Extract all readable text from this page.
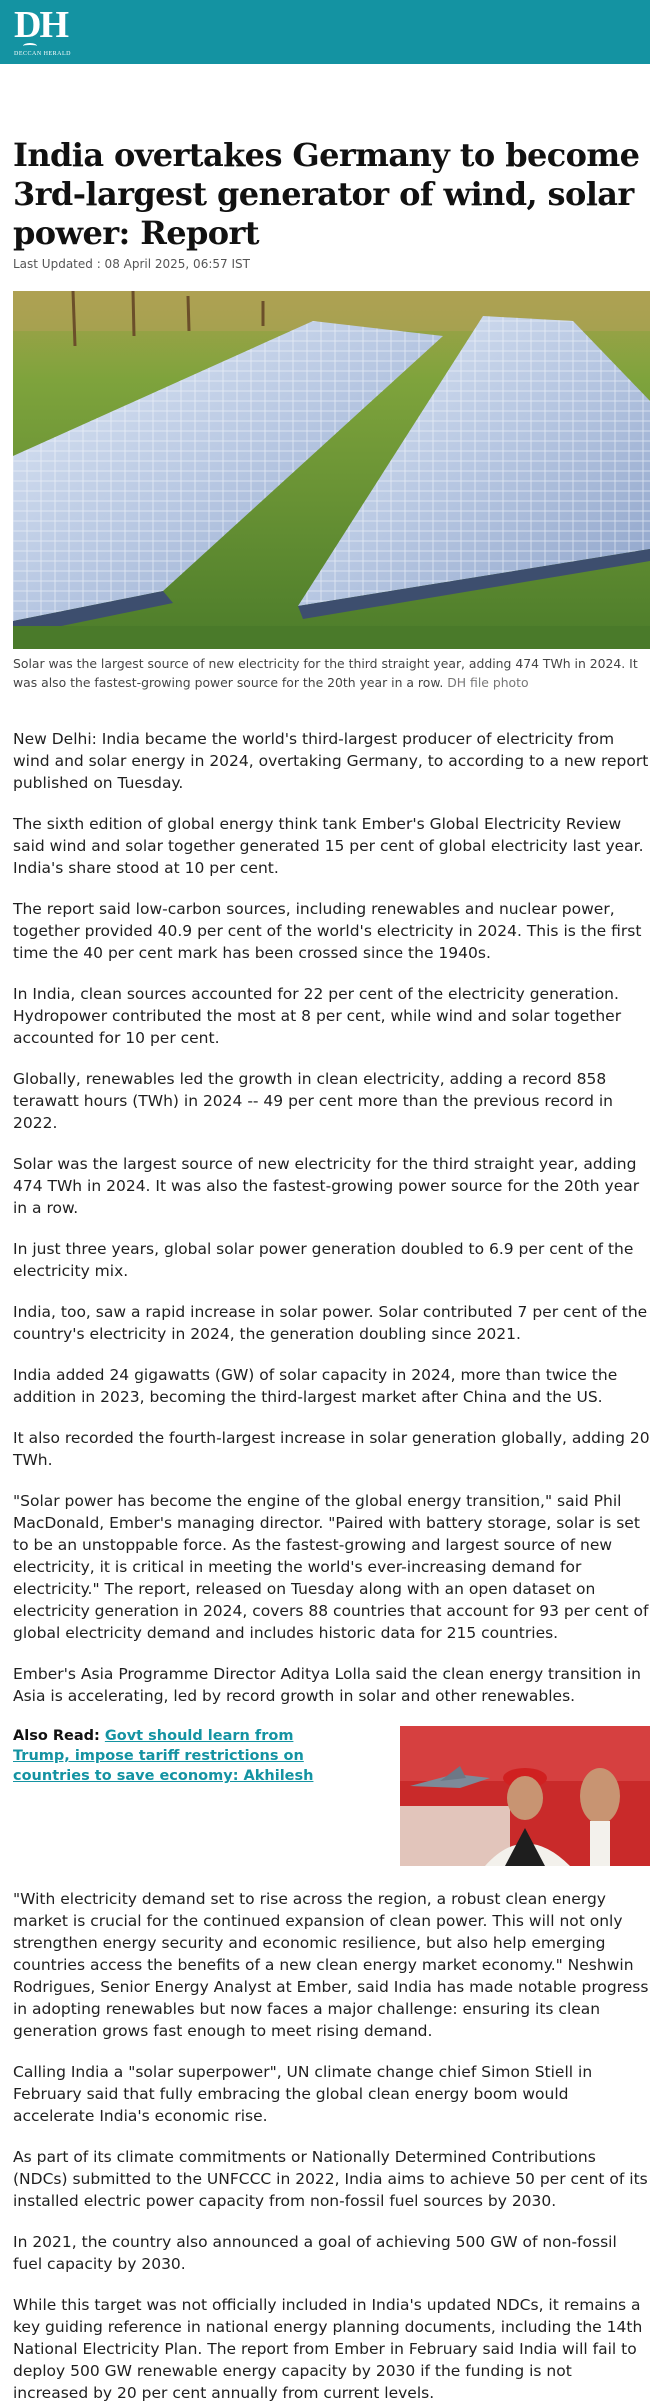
DH
DECCAN HERALD
India overtakes Germany to become 3rd-largest generator of wind, solar power: Report
Last Updated : 08 April 2025, 06:57 IST
Solar was the largest source of new electricity for the third straight year, adding 474 TWh in 2024. It was also the fastest-growing power source for the 20th year in a row. DH file photo

New Delhi: India became the world's third-largest producer of electricity from wind and solar energy in 2024, overtaking Germany, to according to a new report published on Tuesday.

The sixth edition of global energy think tank Ember's Global Electricity Review said wind and solar together generated 15 per cent of global electricity last year. India's share stood at 10 per cent.

The report said low-carbon sources, including renewables and nuclear power, together provided 40.9 per cent of the world's electricity in 2024. This is the first time the 40 per cent mark has been crossed since the 1940s.

In India, clean sources accounted for 22 per cent of the electricity generation. Hydropower contributed the most at 8 per cent, while wind and solar together accounted for 10 per cent.

Globally, renewables led the growth in clean electricity, adding a record 858 terawatt hours (TWh) in 2024 -- 49 per cent more than the previous record in 2022.

Solar was the largest source of new electricity for the third straight year, adding 474 TWh in 2024. It was also the fastest-growing power source for the 20th year in a row.

In just three years, global solar power generation doubled to 6.9 per cent of the electricity mix.

India, too, saw a rapid increase in solar power. Solar contributed 7 per cent of the country's electricity in 2024, the generation doubling since 2021.

India added 24 gigawatts (GW) of solar capacity in 2024, more than twice the addition in 2023, becoming the third-largest market after China and the US.

It also recorded the fourth-largest increase in solar generation globally, adding 20 TWh.

"Solar power has become the engine of the global energy transition," said Phil MacDonald, Ember's managing director. "Paired with battery storage, solar is set to be an unstoppable force. As the fastest-growing and largest source of new electricity, it is critical in meeting the world's ever-increasing demand for electricity." The report, released on Tuesday along with an open dataset on electricity generation in 2024, covers 88 countries that account for 93 per cent of global electricity demand and includes historic data for 215 countries.

Ember's Asia Programme Director Aditya Lolla said the clean energy transition in Asia is accelerating, led by record growth in solar and other renewables.

Also Read: Govt should learn from Trump, impose tariff restrictions on countries to save economy: Akhilesh

"With electricity demand set to rise across the region, a robust clean energy market is crucial for the continued expansion of clean power. This will not only strengthen energy security and economic resilience, but also help emerging countries access the benefits of a new clean energy market economy." Neshwin Rodrigues, Senior Energy Analyst at Ember, said India has made notable progress in adopting renewables but now faces a major challenge: ensuring its clean generation grows fast enough to meet rising demand.

Calling India a "solar superpower", UN climate change chief Simon Stiell in February said that fully embracing the global clean energy boom would accelerate India's economic rise.

As part of its climate commitments or Nationally Determined Contributions (NDCs) submitted to the UNFCCC in 2022, India aims to achieve 50 per cent of its installed electric power capacity from non-fossil fuel sources by 2030.

In 2021, the country also announced a goal of achieving 500 GW of non-fossil fuel capacity by 2030.

While this target was not officially included in India's updated NDCs, it remains a key guiding reference in national energy planning documents, including the 14th National Electricity Plan. The report from Ember in February said India will fail to deploy 500 GW renewable energy capacity by 2030 if the funding is not increased by 20 per cent annually from current levels.
